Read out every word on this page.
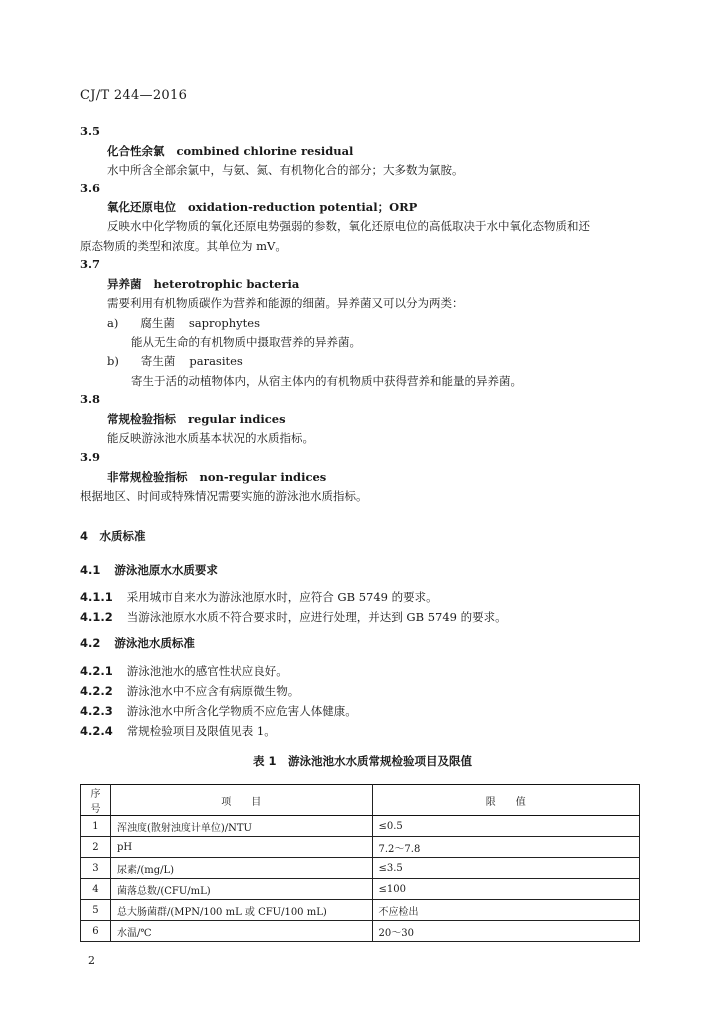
CJ/T 244—2016
3.5
化合性余氯 combined chlorine residual
水中所含全部余氯中，与氨、氮、有机物化合的部分；大多数为氯胺。
3.6
氧化还原电位 oxidation-reduction potential；ORP
反映水中化学物质的氧化还原电势强弱的参数，氧化还原电位的高低取决于水中氧化态物质和还
原态物质的类型和浓度。其单位为 mV。
3.7
异养菌 heterotrophic bacteria
需要利用有机物质碳作为营养和能源的细菌。异养菌又可以分为两类：
a) 腐生菌 saprophytes
能从无生命的有机物质中摄取营养的异养菌。
b) 寄生菌 parasites
寄生于活的动植物体内，从宿主体内的有机物质中获得营养和能量的异养菌。
3.8
常规检验指标 regular indices
能反映游泳池水质基本状况的水质指标。
3.9
非常规检验指标 non-regular indices
根据地区、时间或特殊情况需要实施的游泳池水质指标。
4　水质标准
4.1 游泳池原水水质要求
4.1.1 采用城市自来水为游泳池原水时，应符合 GB 5749 的要求。
4.1.2 当游泳池原水水质不符合要求时，应进行处理，并达到 GB 5749 的要求。
4.2 游泳池水质标准
4.2.1 游泳池池水的感官性状应良好。
4.2.2 游泳池水中不应含有病原微生物。
4.2.3 游泳池水中所含化学物质不应危害人体健康。
4.2.4 常规检验项目及限值见表 1。
表 1　游泳池池水水质常规检验项目及限值
序号	项　　目	限　　值
1	浑浊度(散射浊度计单位)/NTU	≤0.5
2	pH	7.2～7.8
3	尿素/(mg/L)	≤3.5
4	菌落总数/(CFU/mL)	≤100
5	总大肠菌群/(MPN/100 mL 或 CFU/100 mL)	不应检出
6	水温/℃	20～30
2
